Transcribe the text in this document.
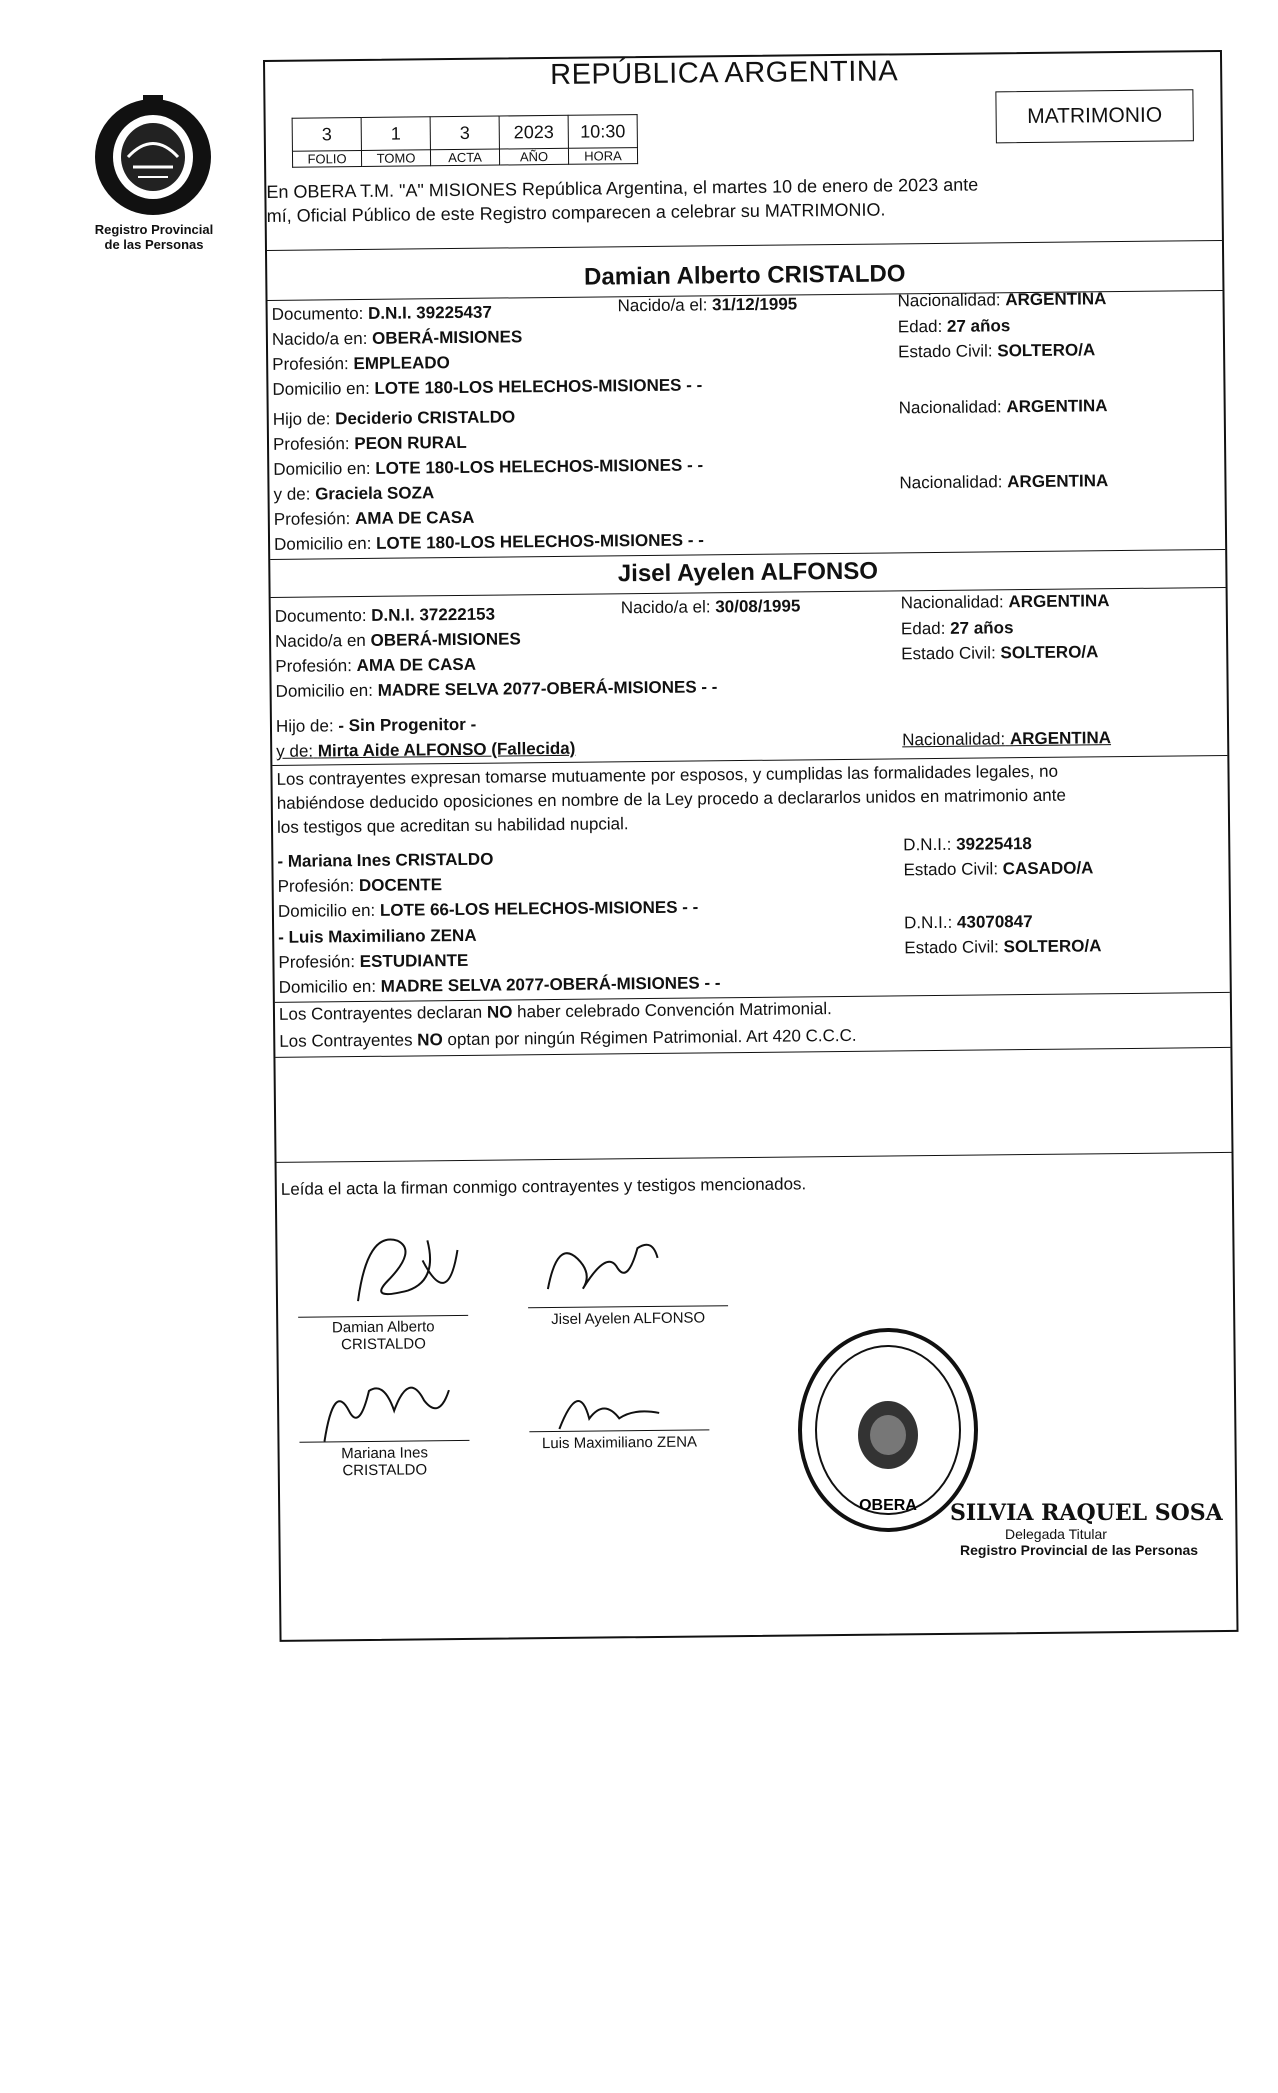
Registro Provincial
de las Personas
REPÚBLICA ARGENTINA
3	1	3	2023	10:30
FOLIO	TOMO	ACTA	AÑO	HORA
MATRIMONIO
En OBERA T.M. "A" MISIONES República Argentina, el martes 10 de enero de 2023 ante
mí, Oficial Público de este Registro comparecen a celebrar su MATRIMONIO.
Damian Alberto CRISTALDO
Documento: D.N.I. 39225437	Nacido/a el: 31/12/1995	Nacionalidad: ARGENTINA
Nacido/a en: OBERÁ-MISIONES
Edad: 27 años
Profesión: EMPLEADO
Estado Civil: SOLTERO/A
Domicilio en: LOTE 180-LOS HELECHOS-MISIONES - -
Hijo de: Deciderio CRISTALDO
Nacionalidad: ARGENTINA
Profesión: PEON RURAL
Domicilio en: LOTE 180-LOS HELECHOS-MISIONES - -
y de: Graciela SOZA
Nacionalidad: ARGENTINA
Profesión: AMA DE CASA
Domicilio en: LOTE 180-LOS HELECHOS-MISIONES - -
Jisel Ayelen ALFONSO
Documento: D.N.I. 37222153	Nacido/a el: 30/08/1995	Nacionalidad: ARGENTINA
Nacido/a en OBERÁ-MISIONES
Edad: 27 años
Profesión: AMA DE CASA
Estado Civil: SOLTERO/A
Domicilio en: MADRE SELVA 2077-OBERÁ-MISIONES - -
Hijo de: - Sin Progenitor -
y de: Mirta Aide ALFONSO (Fallecida)	Nacionalidad: ARGENTINA
Los contrayentes expresan tomarse mutuamente por esposos, y cumplidas las formalidades legales, no
habiéndose deducido oposiciones en nombre de la Ley procedo a declararlos unidos en matrimonio ante
los testigos que acreditan su habilidad nupcial.
- Mariana Ines CRISTALDO
D.N.I.: 39225418
Profesión: DOCENTE
Estado Civil: CASADO/A
Domicilio en: LOTE 66-LOS HELECHOS-MISIONES - -
- Luis Maximiliano ZENA
D.N.I.: 43070847
Profesión: ESTUDIANTE
Estado Civil: SOLTERO/A
Domicilio en: MADRE SELVA 2077-OBERÁ-MISIONES - -
Los Contrayentes declaran NO haber celebrado Convención Matrimonial.
Los Contrayentes NO optan por ningún Régimen Patrimonial. Art 420 C.C.C.
Leída el acta la firman conmigo contrayentes y testigos mencionados.
Damian Alberto
CRISTALDO
Jisel Ayelen ALFONSO
Mariana Ines CRISTALDO
Luis Maximiliano ZENA
OBERA SILVIA RAQUEL SOSA
Delegada Titular
Registro Provincial de las Personas
